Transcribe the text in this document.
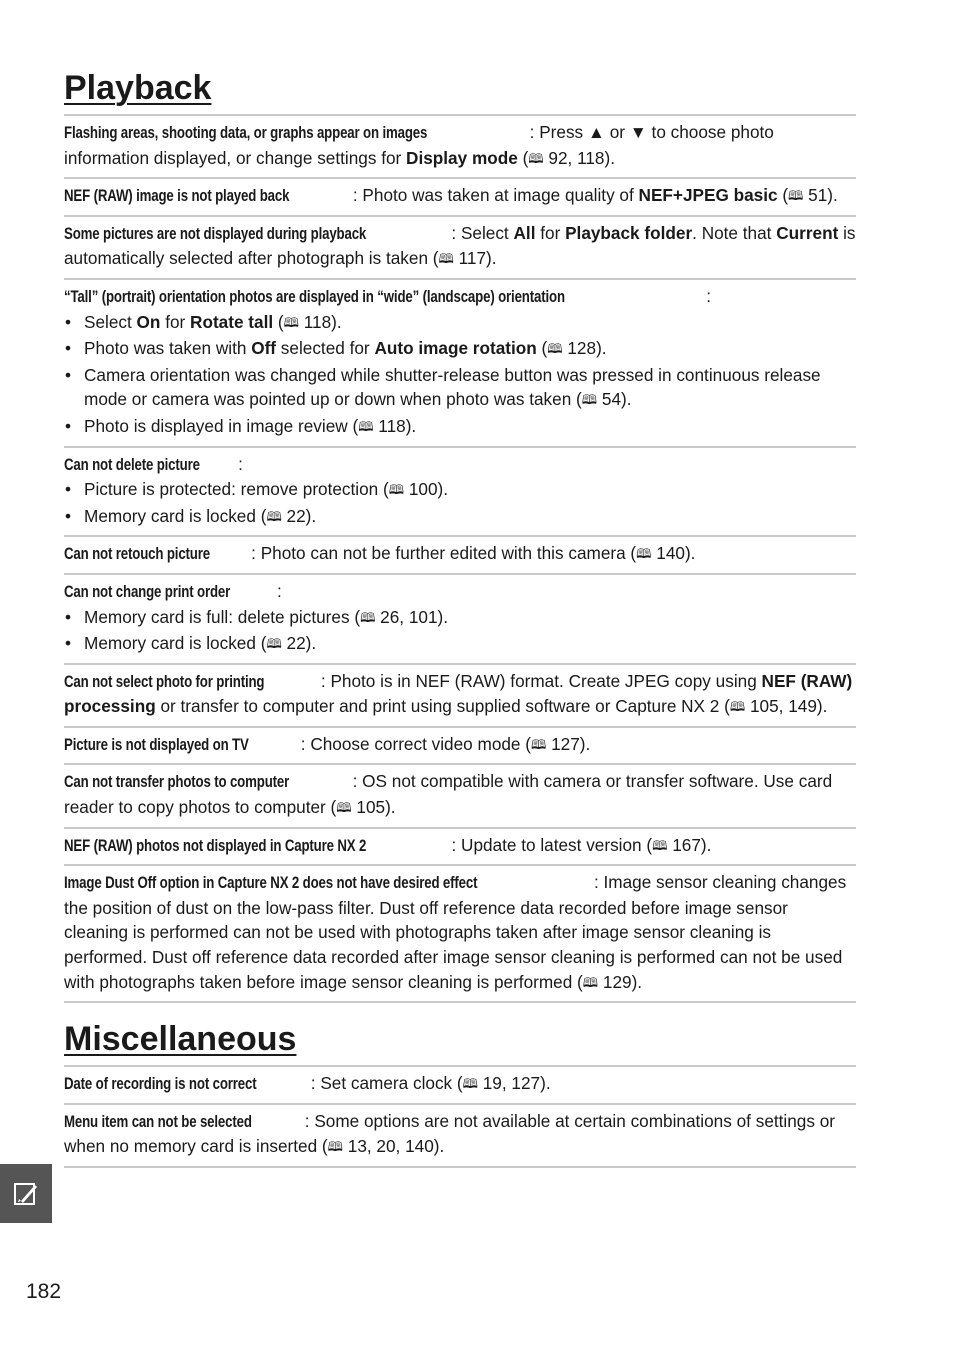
Playback
Flashing areas, shooting data, or graphs appear on images	: Press ▲ or ▼ to choose photo information displayed, or change settings for Display mode (🕮 92, 118).
NEF (RAW) image is not played back	: Photo was taken at image quality of NEF+JPEG basic (🕮 51).
Some pictures are not displayed during playback	: Select All for Playback folder. Note that Current is automatically selected after photograph is taken (🕮 117).
“Tall” (portrait) orientation photos are displayed in “wide” (landscape) orientation	:
• Select On for Rotate tall (🕮 118).
• Photo was taken with Off selected for Auto image rotation (🕮 128).
• Camera orientation was changed while shutter-release button was pressed in continuous release mode or camera was pointed up or down when photo was taken (🕮 54).
• Photo is displayed in image review (🕮 118).
Can not delete picture :
• Picture is protected: remove protection (🕮 100).
• Memory card is locked (🕮 22).
Can not retouch picture : Photo can not be further edited with this camera (🕮 140).
Can not change print order	:
• Memory card is full: delete pictures (🕮 26, 101).
• Memory card is locked (🕮 22).
Can not select photo for printing	: Photo is in NEF (RAW) format. Create JPEG copy using NEF (RAW) processing or transfer to computer and print using supplied software or Capture NX 2 (🕮 105, 149).
Picture is not displayed on TV	: Choose correct video mode (🕮 127).
Can not transfer photos to computer	: OS not compatible with camera or transfer software. Use card reader to copy photos to computer (🕮 105).
NEF (RAW) photos not displayed in Capture NX 2	: Update to latest version (🕮 167).
Image Dust Off option in Capture NX 2 does not have desired effect	: Image sensor cleaning changes the position of dust on the low-pass filter. Dust off reference data recorded before image sensor cleaning is performed can not be used with photographs taken after image sensor cleaning is performed. Dust off reference data recorded after image sensor cleaning is performed can not be used with photographs taken before image sensor cleaning is performed (🕮 129).
Miscellaneous
Date of recording is not correct	: Set camera clock (🕮 19, 127).
Menu item can not be selected	: Some options are not available at certain combinations of settings or when no memory card is inserted (🕮 13, 20, 140).
182
